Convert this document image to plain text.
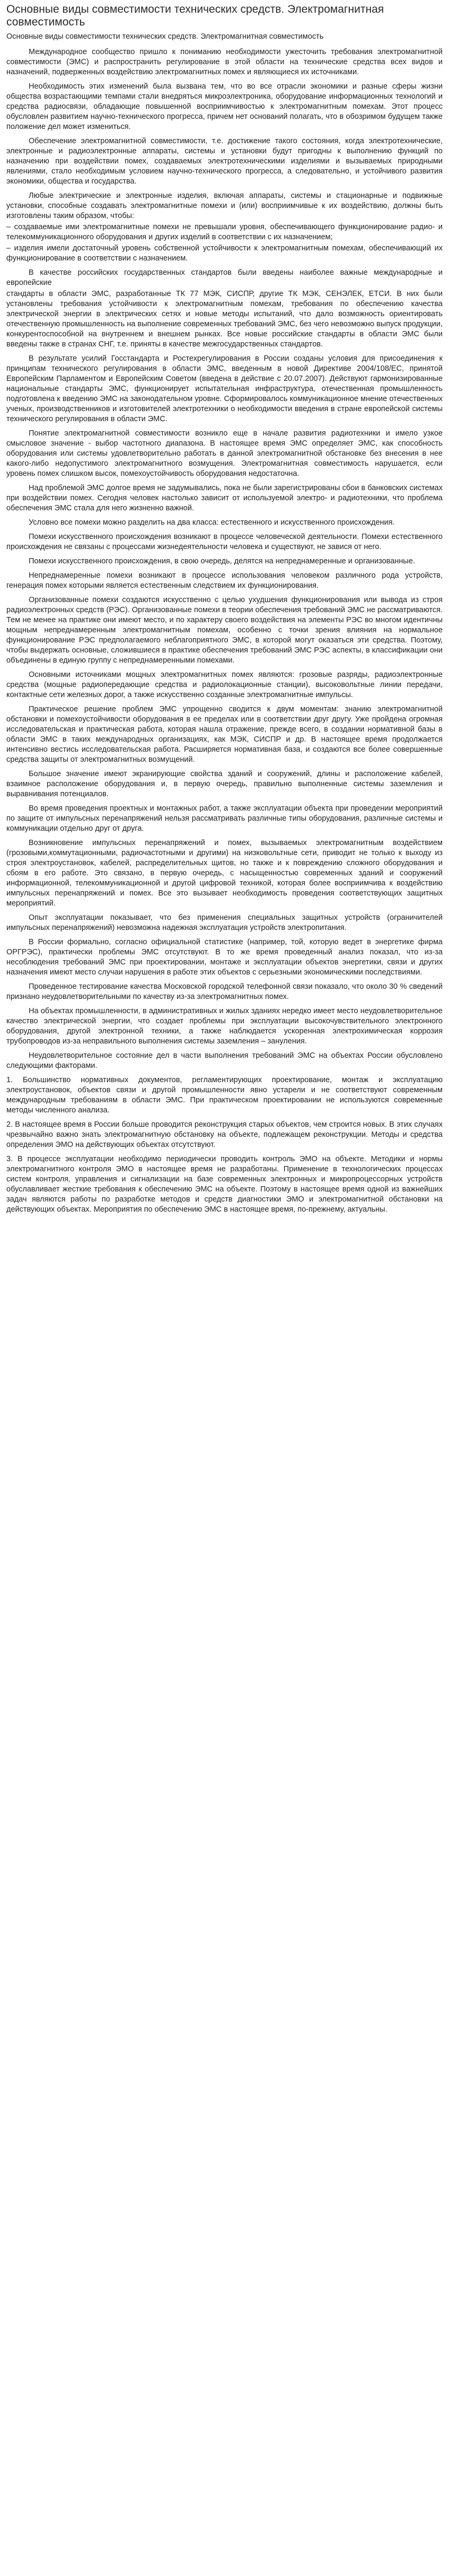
Основные виды совместимости технических средств. Электромагнитная совместимость

Основные виды совместимости технических средств. Электромагнитная совместимость

Международное сообщество пришло к пониманию необходимости ужесточить требования электромагнитной совместимости (ЭМС) и распространить регулирование в этой области на технические средства всех видов и назначений, подверженных воздействию электромагнитных помех и являющиеся их источниками.

Необходимость этих изменений была вызвана тем, что во все отрасли экономики и разные сферы жизни общества возрастающими темпами стали внедряться микроэлектроника, оборудование информационных технологий и средства радиосвязи, обладающие повышенной восприимчивостью к электромагнитным помехам. Этот процесс обусловлен развитием научно-технического прогресса, причем нет оснований полагать, что в обозримом будущем также положение дел может измениться.

Обеспечение электромагнитной совместимости, т.е. достижение такого состояния, когда электротехнические, электронные и радиоэлектронные аппараты, системы и установки будут пригодны к выполнению функций по назначению при воздействии помех, создаваемых электротехническими изделиями и вызываемых природными явлениями, стало необходимым условием научно-технического прогресса, а следовательно, и устойчивого развития экономики, общества и государства.

Любые электрические и электронные изделия, включая аппараты, системы и стационарные и подвижные установки, способные создавать электромагнитные помехи и (или) восприимчивые к их воздействию, должны быть изготовлены таким образом, чтобы:

– создаваемые ими электромагнитные помехи не превышали уровня, обеспечивающего функционирование радио- и телекоммуникационного оборудования и других изделий в соответствии с их назначением;

– изделия имели достаточный уровень собственной устойчивости к электромагнитным помехам, обеспечивающий их функционирование в соответствии с назначением.

В качестве российских государственных стандартов были введены наиболее важные международные и европейские

стандарты в области ЭМС, разработанные ТК 77 МЭК, СИСПР, другие ТК МЭК, СЕНЭЛЕК, ЕТСИ. В них были установлены требования устойчивости к электромагнитным помехам, требования по обеспечению качества электрической энергии в электрических сетях и новые методы испытаний, что дало возможность ориентировать отечественную промышленность на выполнение современных требований ЭМС, без чего невозможно выпуск продукции, конкурентоспособной на внутреннем и внешнем рынках. Все новые российские стандарты в области ЭМС были введены также в странах СНГ, т.е. приняты в качестве межгосударственных стандартов.

В результате усилий Госстандарта и Ростехрегулирования в России созданы условия для присоединения к принципам технического регулирования в области ЭМС, введенным в новой Директиве 2004/108/ЕС, принятой Европейским Парламентом и Европейским Советом (введена в действие с 20.07.2007). Действуют гармонизированные национальные стандарты ЭМС, функционирует испытательная инфраструктура, отечественная промышленность подготовлена к введению ЭМС на законодательном уровне. Сформировалось коммуникационное мнение отечественных ученых, производственников и изготовителей электротехники о необходимости введения в стране европейской системы технического регулирования в области ЭМС.

Понятие электромагнитной совместимости возникло еще в начале развития радиотехники и имело узкое смысловое значение - выбор частотного диапазона. В настоящее время ЭМС определяет ЭМС, как способность оборудования или системы удовлетворительно работать в данной электромагнитной обстановке без внесения в нее какого-либо недопустимого электромагнитного возмущения. Электромагнитная совместимость нарушается, если уровень помех слишком высок, помехоустойчивость оборудования недостаточна.

Над проблемой ЭМС долгое время не задумывались, пока не были зарегистрированы сбои в банковских системах при воздействии помех. Сегодня человек настолько зависит от используемой электро- и радиотехники, что проблема обеспечения ЭМС стала для него жизненно важной.

Условно все помехи можно разделить на два класса: естественного и искусственного происхождения.

Помехи искусственного происхождения возникают в процессе человеческой деятельности. Помехи естественного происхождения не связаны с процессами жизнедеятельности человека и существуют, не завися от него.

Помехи искусственного происхождения, в свою очередь, делятся на непреднамеренные и организованные.

Непреднамеренные помехи возникают в процессе использования человеком различного рода устройств, генерация помех которыми является естественным следствием их функционирования.

Организованные помехи создаются искусственно с целью ухудшения функционирования или вывода из строя радиоэлектронных средств (РЭС). Организованные помехи в теории обеспечения требований ЭМС не рассматриваются. Тем не менее на практике они имеют место, и по характеру своего воздействия на элементы РЭС во многом идентичны мощным непреднамеренным электромагнитным помехам, особенно с точки зрения влияния на нормальное функционирование РЭС предполагаемого неблагоприятного ЭМС, в которой могут оказаться эти средства. Поэтому, чтобы выдержать основные, сложившиеся в практике обеспечения требований ЭМС РЭС аспекты, в классификации они объединены в единую группу с непреднамеренными помехами.

Основными источниками мощных электромагнитных помех являются: грозовые разряды, радиоэлектронные средства (мощные радиопередающие средства и радиолокационные станции), высоковольтные линии передачи, контактные сети железных дорог, а также искусственно созданные электромагнитные импульсы.

Практическое решение проблем ЭМС упрощенно сводится к двум моментам: знанию электромагнитной обстановки и помехоустойчивости оборудования в ее пределах или в соответствии друг другу. Уже пройдена огромная исследовательская и практическая работа, которая нашла отражение, прежде всего, в создании нормативной базы в области ЭМС в таких международных организациях, как МЭК, СИСПР и др. В настоящее время продолжается интенсивно вестись исследовательская работа. Расширяется нормативная база, и создаются все более совершенные средства защиты от электромагнитных возмущений.

Большое значение имеют экранирующие свойства зданий и сооружений, длины и расположение кабелей, взаимное расположение оборудования и, в первую очередь, правильно выполненные системы заземления и выравнивания потенциалов.

Во время проведения проектных и монтажных работ, а также эксплуатации объекта при проведении мероприятий по защите от импульсных перенапряжений нельзя рассматривать различные типы оборудования, различные системы и коммуникации отдельно друг от друга.

Возникновение импульсных перенапряжений и помех, вызываемых электромагнитным воздействием (грозовыми,коммутационными, радиочастотными и другими) на низковольтные сети, приводит не только к выходу из строя электроустановок, кабелей, распределительных щитов, но также и к повреждению сложного оборудования и сбоям в его работе. Это связано, в первую очередь, с насыщенностью современных зданий и сооружений информационной, телекоммуникационной и другой цифровой техникой, которая более восприимчива к воздействию импульсных перенапряжений и помех. Все это вызывает необходимость проведения соответствующих защитных мероприятий.

Опыт эксплуатации показывает, что без применения специальных защитных устройств (ограничителей импульсных перенапряжений) невозможна надежная эксплуатация устройств электропитания.

В России формально, согласно официальной статистике (например, той, которую ведет в энергетике фирма ОРГРЭС), практически проблемы ЭМС отсутствуют. В то же время проведенный анализ показал, что из-за несоблюдения требований ЭМС при проектировании, монтаже и эксплуатации объектов энергетики, связи и других назначения имеют место случаи нарушения в работе этих объектов с серьезными экономическими последствиями.

Проведенное тестирование качества Московской городской телефонной связи показало, что около 30 % сведений признано неудовлетворительными по качеству из-за электромагнитных помех.

На объектах промышленности, в административных и жилых зданиях нередко имеет место неудовлетворительное качество электрической энергии, что создает проблемы при эксплуатации высокочувствительного электронного оборудования, другой электронной техники, а также наблюдается ускоренная электрохимическая коррозия трубопроводов из-за неправильного выполнения системы заземления – зануления.

Неудовлетворительное состояние дел в части выполнения требований ЭМС на объектах России обусловлено следующими факторами.

1. Большинство нормативных документов, регламентирующих проектирование, монтаж и эксплуатацию электроустановок, объектов связи и другой промышленности явно устарели и не соответствуют современным международным требованиям в области ЭМС. При практическом проектировании не используются современные методы численного анализа.

2. В настоящее время в России больше проводится реконструкция старых объектов, чем строится новых. В этих случаях чрезвычайно важно знать электромагнитную обстановку на объекте, подлежащем реконструкции. Методы и средства определения ЭМО на действующих объектах отсутствуют.

3. В процессе эксплуатации необходимо периодически проводить контроль ЭМО на объекте. Методики и нормы электромагнитного контроля ЭМО в настоящее время не разработаны. Применение в технологических процессах систем контроля, управления и сигнализации на базе современных электронных и микропроцессорных устройств обуславливает жесткие требования к обеспечению ЭМС на объекте. Поэтому в настоящее время одной из важнейших задач являются работы по разработке методов и средств диагностики ЭМО и электромагнитной обстановки на действующих объектах. Мероприятия по обеспечению ЭМС в настоящее время, по-прежнему, актуальны.
